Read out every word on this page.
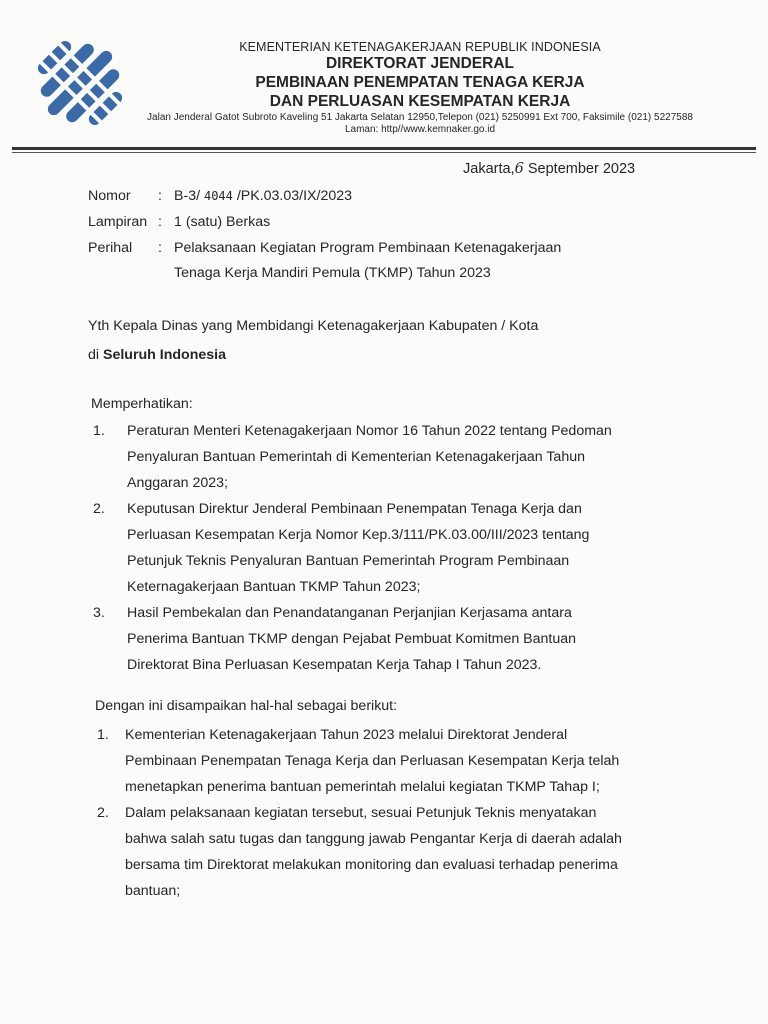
KEMENTERIAN KETENAGAKERJAAN REPUBLIK INDONESIA
DIREKTORAT JENDERAL
PEMBINAAN PENEMPATAN TENAGA KERJA
DAN PERLUASAN KESEMPATAN KERJA
Jalan Jenderal Gatot Subroto Kaveling 51 Jakarta Selatan 12950,Telepon (021) 5250991 Ext 700, Faksimile (021) 5227588
Laman: http//www.kemnaker.go.id
Jakarta,6 September 2023
Nomor : B-3/ 4044 /PK.03.03/IX/2023
Lampiran : 1 (satu) Berkas
Perihal : Pelaksanaan Kegiatan Program Pembinaan Ketenagakerjaan
Tenaga Kerja Mandiri Pemula (TKMP) Tahun 2023
Yth Kepala Dinas yang Membidangi Ketenagakerjaan Kabupaten / Kota
di Seluruh Indonesia
Memperhatikan:
1. Peraturan Menteri Ketenagakerjaan Nomor 16 Tahun 2022 tentang Pedoman
Penyaluran Bantuan Pemerintah di Kementerian Ketenagakerjaan Tahun
Anggaran 2023;
2. Keputusan Direktur Jenderal Pembinaan Penempatan Tenaga Kerja dan
Perluasan Kesempatan Kerja Nomor Kep.3/111/PK.03.00/III/2023 tentang
Petunjuk Teknis Penyaluran Bantuan Pemerintah Program Pembinaan
Keternagakerjaan Bantuan TKMP Tahun 2023;
3. Hasil Pembekalan dan Penandatanganan Perjanjian Kerjasama antara
Penerima Bantuan TKMP dengan Pejabat Pembuat Komitmen Bantuan
Direktorat Bina Perluasan Kesempatan Kerja Tahap I Tahun 2023.
Dengan ini disampaikan hal-hal sebagai berikut:
1. Kementerian Ketenagakerjaan Tahun 2023 melalui Direktorat Jenderal
Pembinaan Penempatan Tenaga Kerja dan Perluasan Kesempatan Kerja telah
menetapkan penerima bantuan pemerintah melalui kegiatan TKMP Tahap I;
2. Dalam pelaksanaan kegiatan tersebut, sesuai Petunjuk Teknis menyatakan
bahwa salah satu tugas dan tanggung jawab Pengantar Kerja di daerah adalah
bersama tim Direktorat melakukan monitoring dan evaluasi terhadap penerima
bantuan;
